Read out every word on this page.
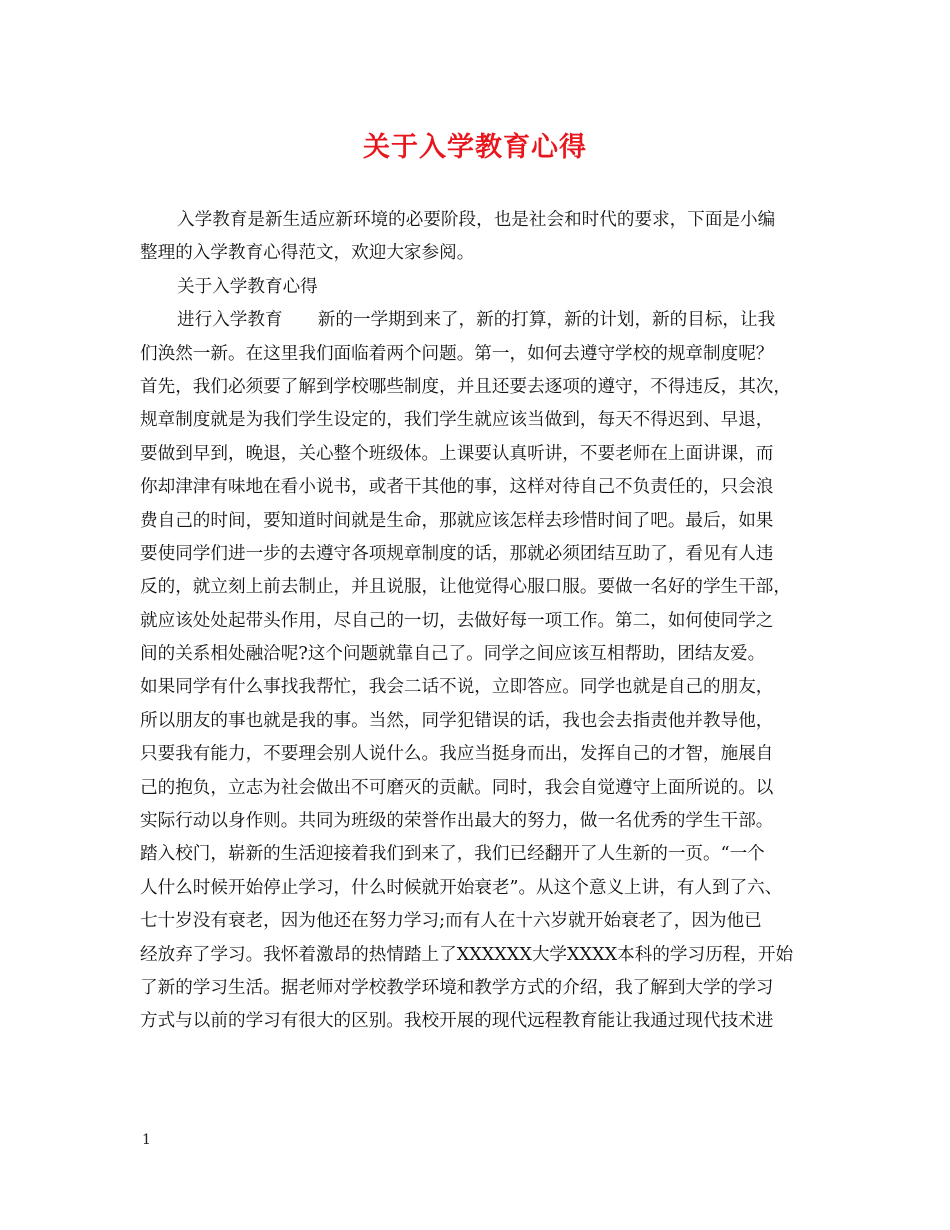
关于入学教育心得
入学教育是新生适应新环境的必要阶段，也是社会和时代的要求，下面是小编
整理的入学教育心得范文，欢迎大家参阅。
关于入学教育心得
进行入学教育　　新的一学期到来了，新的打算，新的计划，新的目标，让我
们涣然一新。在这里我们面临着两个问题。第一，如何去遵守学校的规章制度呢？
首先，我们必须要了解到学校哪些制度，并且还要去逐项的遵守，不得违反，其次，
规章制度就是为我们学生设定的，我们学生就应该当做到，每天不得迟到、早退，
要做到早到，晚退，关心整个班级体。上课要认真听讲，不要老师在上面讲课，而
你却津津有味地在看小说书，或者干其他的事，这样对待自己不负责任的，只会浪
费自己的时间，要知道时间就是生命，那就应该怎样去珍惜时间了吧。最后，如果
要使同学们进一步的去遵守各项规章制度的话，那就必须团结互助了，看见有人违
反的，就立刻上前去制止，并且说服，让他觉得心服口服。要做一名好的学生干部，
就应该处处起带头作用，尽自己的一切，去做好每一项工作。第二，如何使同学之
间的关系相处融洽呢?这个问题就靠自己了。同学之间应该互相帮助，团结友爱。
如果同学有什么事找我帮忙，我会二话不说，立即答应。同学也就是自己的朋友，
所以朋友的事也就是我的事。当然，同学犯错误的话，我也会去指责他并教导他，
只要我有能力，不要理会别人说什么。我应当挺身而出，发挥自己的才智，施展自
己的抱负，立志为社会做出不可磨灭的贡献。同时，我会自觉遵守上面所说的。以
实际行动以身作则。共同为班级的荣誉作出最大的努力，做一名优秀的学生干部。
踏入校门，崭新的生活迎接着我们到来了，我们已经翻开了人生新的一页。“一个
人什么时候开始停止学习，什么时候就开始衰老”。从这个意义上讲，有人到了六、
七十岁没有衰老，因为他还在努力学习;而有人在十六岁就开始衰老了，因为他已
经放弃了学习。我怀着激昂的热情踏上了XXXXXX大学XXXX本科的学习历程，开始
了新的学习生活。据老师对学校教学环境和教学方式的介绍，我了解到大学的学习
方式与以前的学习有很大的区别。我校开展的现代远程教育能让我通过现代技术进
1
